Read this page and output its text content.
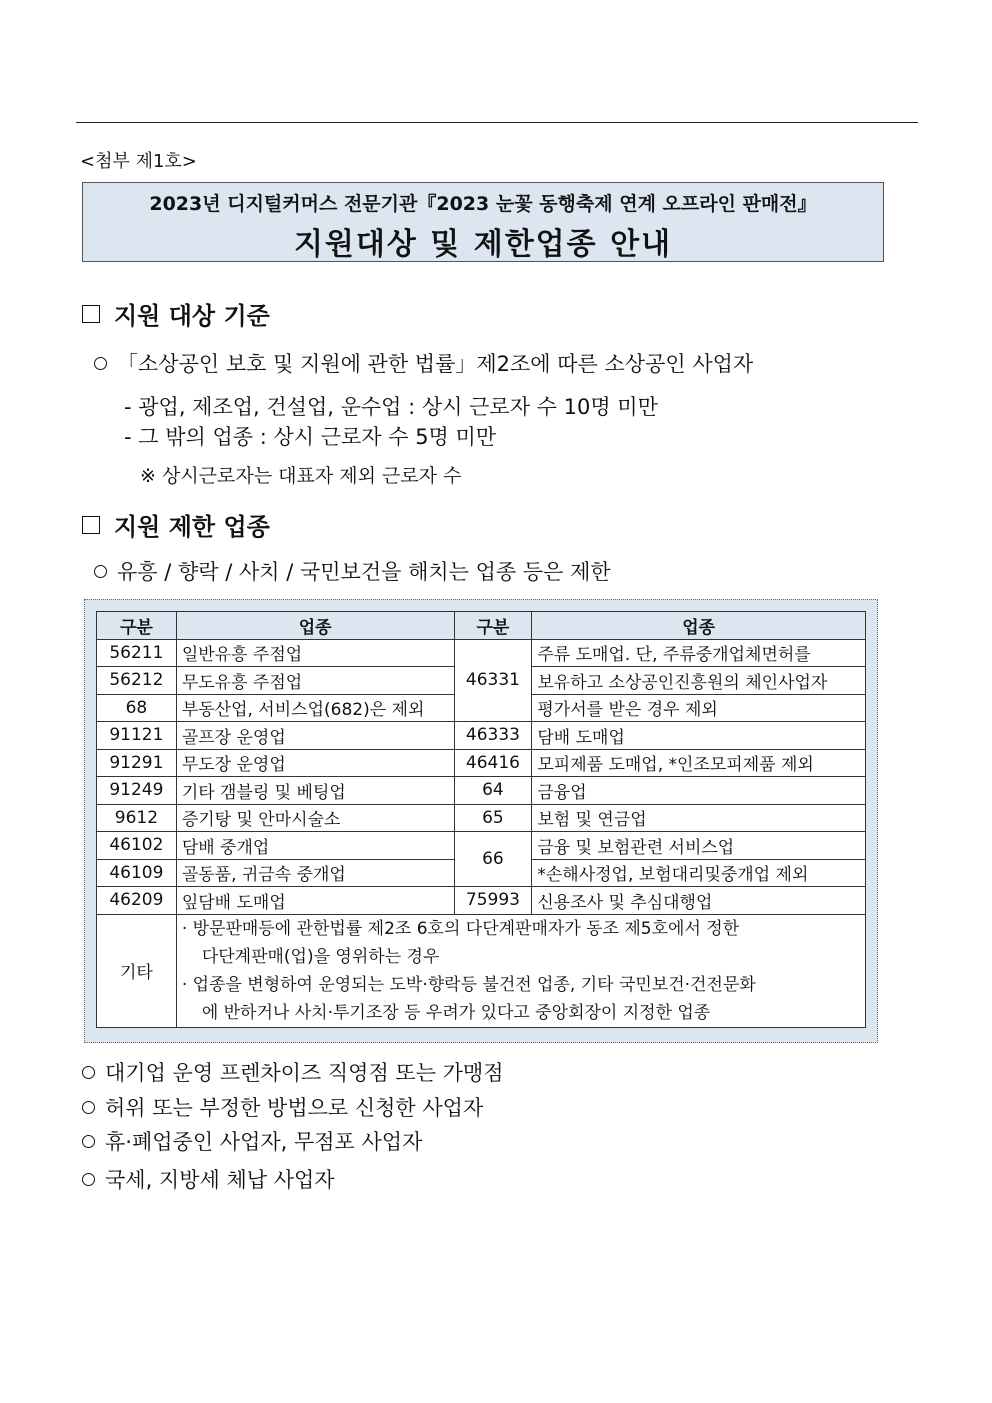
<첨부 제1호>
2023년 디지털커머스 전문기관『2023 눈꽃 동행축제 연계 오프라인 판매전』
지원대상 및 제한업종 안내
지원 대상 기준
「소상공인 보호 및 지원에 관한 법률」제2조에 따른 소상공인 사업자
- 광업, 제조업, 건설업, 운수업 : 상시 근로자 수 10명 미만
- 그 밖의 업종 : 상시 근로자 수 5명 미만
※ 상시근로자는 대표자 제외 근로자 수
지원 제한 업종
유흥 / 향락 / 사치 / 국민보건을 해치는 업종 등은 제한
구분	업종	구분	업종
56211	일반유흥 주점업	46331	주류 도매업. 단, 주류중개업체면허를
56212	무도유흥 주점업		보유하고 소상공인진흥원의 체인사업자
68	부동산업, 서비스업(682)은 제외		평가서를 받은 경우 제외
91121	골프장 운영업	46333	담배 도매업
91291	무도장 운영업	46416	모피제품 도매업, *인조모피제품 제외
91249	기타 갬블링 및 베팅업	64	금융업
9612	증기탕 및 안마시술소	65	보험 및 연금업
46102	담배 중개업	66	금융 및 보험관련 서비스업
46109	골동품, 귀금속 중개업		*손해사정업, 보험대리및중개업 제외
46209	잎담배 도매업	75993	신용조사 및 추심대행업
기타	· 방문판매등에 관한법률 제2조 6호의 다단계판매자가 동조 제5호에서 정한
다단계판매(업)을 영위하는 경우
· 업종을 변형하여 운영되는 도박·향락등 불건전 업종, 기타 국민보건·건전문화
에 반하거나 사치·투기조장 등 우려가 있다고 중앙회장이 지정한 업종		
대기업 운영 프렌차이즈 직영점 또는 가맹점
허위 또는 부정한 방법으로 신청한 사업자
휴·폐업중인 사업자, 무점포 사업자
국세, 지방세 체납 사업자
